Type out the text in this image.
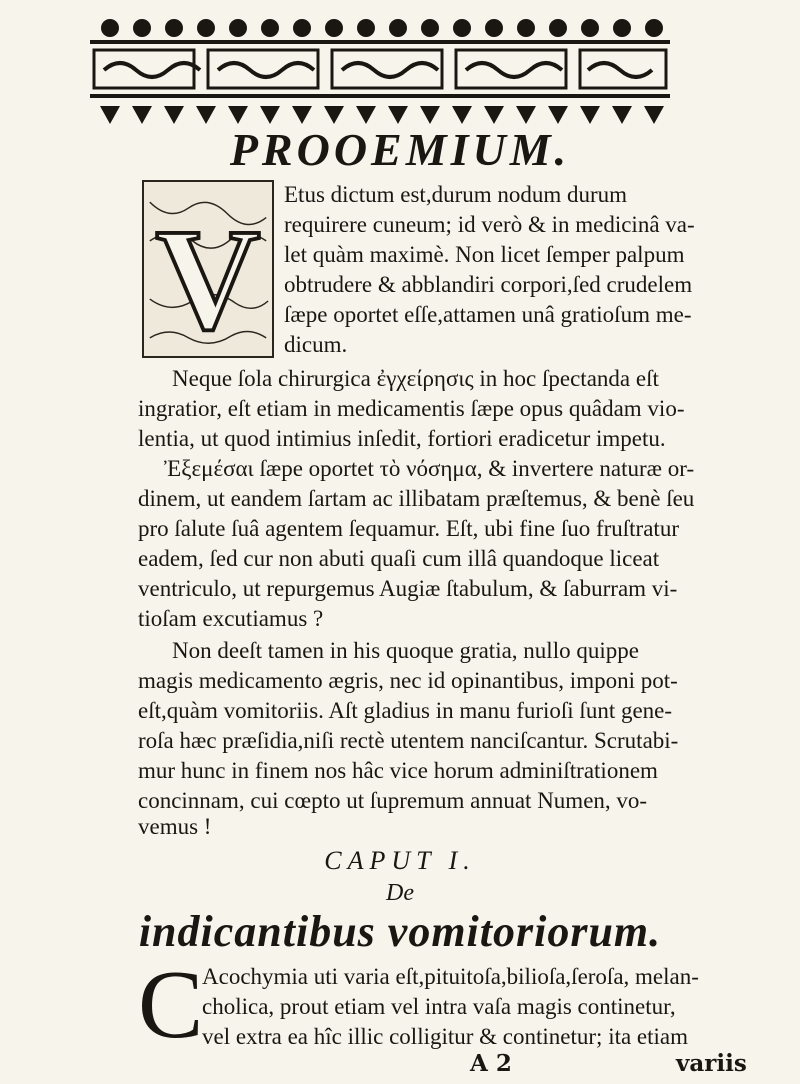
PROOEMIUM.
V
Etus dictum est,durum nodum durum
requirere cuneum; id verò & in medicinâ va-
let quàm maximè. Non licet ſemper palpum
obtrudere & abblandiri corpori,ſed crudelem
ſæpe oportet eſſe,attamen unâ gratioſum me-
dicum.
Neque ſola chirurgica ἐγχείρησις in hoc ſpectanda eſt
ingratior, eſt etiam in medicamentis ſæpe opus quâdam vio-
lentia, ut quod intimius inſedit, fortiori eradicetur impetu.
Ἐξεμέσαι ſæpe oportet τὸ νόσημα, & invertere naturæ or-
dinem, ut eandem ſartam ac illibatam præſtemus, & benè ſeu
pro ſalute ſuâ agentem ſequamur. Eſt, ubi fine ſuo fruſtratur
eadem, ſed cur non abuti quaſi cum illâ quandoque liceat
ventriculo, ut repurgemus Augiæ ſtabulum, & ſaburram vi-
tioſam excutiamus ?
Non deeſt tamen in his quoque gratia, nullo quippe
magis medicamento ægris, nec id opinantibus, imponi pot-
eſt,quàm vomitoriis. Aſt gladius in manu furioſi ſunt gene-
roſa hæc præſidia,niſi rectè utentem nanciſcantur. Scrutabi-
mur hunc in finem nos hâc vice horum adminiſtrationem
concinnam, cui cœpto ut ſupremum annuat Numen, vo-
vemus !
CAPUT I.
De
indicantibus vomitoriorum.
C
Acochymia uti varia eſt,pituitoſa,bilioſa,ſeroſa, melan-
cholica, prout etiam vel intra vaſa magis continetur,
vel extra ea hîc illic colligitur & continetur; ita etiam
A 2	variis
